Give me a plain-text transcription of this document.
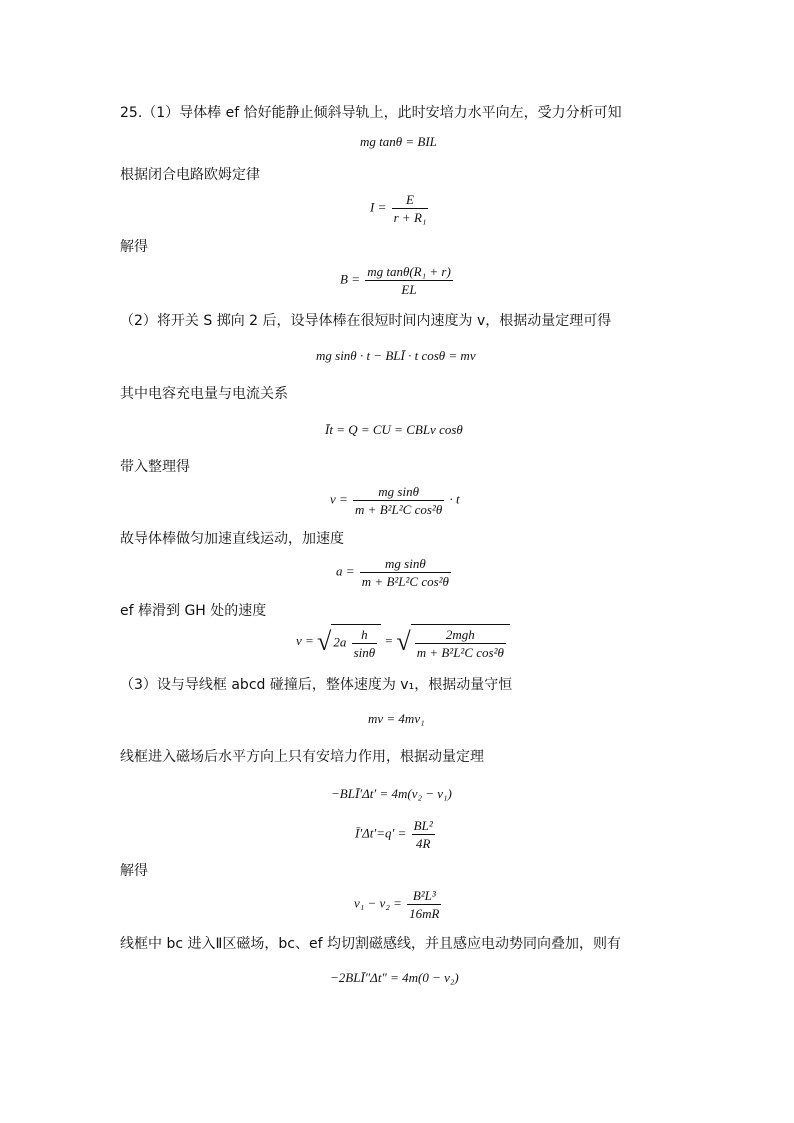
25.（1）导体棒 ef 恰好能静止倾斜导轨上，此时安培力水平向左，受力分析可知
mg tanθ = BIL
根据闭合电路欧姆定律
$I = \frac{E}{\text{r + R₁}}$
解得
$B = \frac{\text{mg tanθ(R₁ + r)}}{EL}$
（2）将开关 S 掷向 2 后，设导体棒在很短时间内速度为 v，根据动量定理可得
mg sinθ · t − BLĪ · t cosθ = mv
其中电容充电量与电流关系
Īt = Q = CU = CBLv cosθ
带入整理得
$v = \frac{\text{mg sinθ}}{\text{m + B²L²C cos²θ}} \cdot t$
故导体棒做匀加速直线运动，加速度
$a = \frac{\text{mg sinθ}}{\text{m + B²L²C cos²θ}}$
ef 棒滑到 GH 处的速度
v = √ $2a \frac{h}{\sin\theta}$ = √ $\frac{\text{2mgh}}{\text{m + B²L²C cos²θ}}$
（3）设与导线框 abcd 碰撞后，整体速度为 v₁，根据动量守恒
mv = 4mv₁
线框进入磁场后水平方向上只有安培力作用，根据动量定理
−BLĪ′Δt′ = 4m(v₂ − v₁)
Ī′Δt′=q′ = $\frac{\text{BL²}}{4R}$
解得
$v_1 - v_2 = \frac{\text{B²L³}}{16mR}$
线框中 bc 进入Ⅱ区磁场，bc、ef 均切割磁感线，并且感应电动势同向叠加，则有
−2BLĪ″Δt″ = 4m(0 − v₂)
